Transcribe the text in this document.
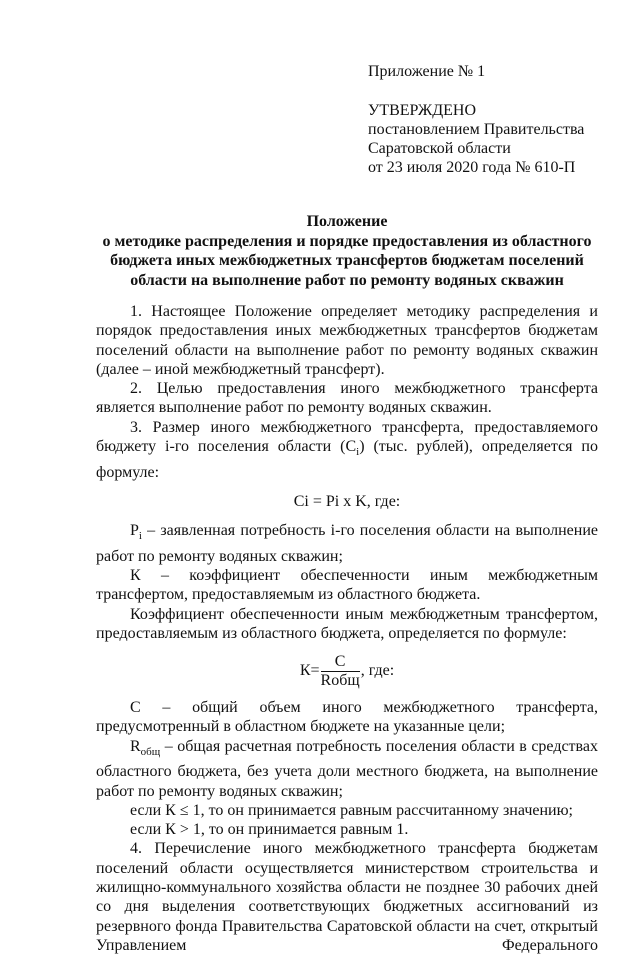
Приложение № 1
УТВЕРЖДЕНО
постановлением Правительства
Саратовской области
от 23 июля 2020 года № 610-П
Положение
о методике распределения и порядке предоставления из областного
бюджета иных межбюджетных трансфертов бюджетам поселений
области на выполнение работ по ремонту водяных скважин

1. Настоящее Положение определяет методику распределения и порядок предоставления иных межбюджетных трансфертов бюджетам поселений области на выполнение работ по ремонту водяных скважин (далее – иной межбюджетный трансферт).

2. Целью предоставления иного межбюджетного трансферта является выполнение работ по ремонту водяных скважин.

3. Размер иного межбюджетного трансферта, предоставляемого бюджету i-го поселения области $(C_i)$ (тыс. рублей), определяется по формуле:

Ci = Pi x K, где:

$P_i$ – заявленная потребность i-го поселения области на выполнение работ по ремонту водяных скважин;

К – коэффициент обеспеченности иным межбюджетным трансфертом, предоставляемым из областного бюджета.

Коэффициент обеспеченности иным межбюджетным трансфертом, предоставляемым из областного бюджета, определяется по формуле:

$К= \frac{С}{\text{Rобщ}}$ , где:

С – общий объем иного межбюджетного трансферта, предусмотренный в областном бюджете на указанные цели;

$R_{общ}$ – общая расчетная потребность поселения области в средствах областного бюджета, без учета доли местного бюджета, на выполнение работ по ремонту водяных скважин;

если К ≤ 1, то он принимается равным рассчитанному значению;

если К > 1, то он принимается равным 1.

4. Перечисление иного межбюджетного трансферта бюджетам поселений области осуществляется министерством строительства и жилищно-коммунального хозяйства области не позднее 30 рабочих дней со дня выделения соответствующих бюджетных ассигнований из резервного фонда Правительства Саратовской области на счет, открытый Управлением Федерального
